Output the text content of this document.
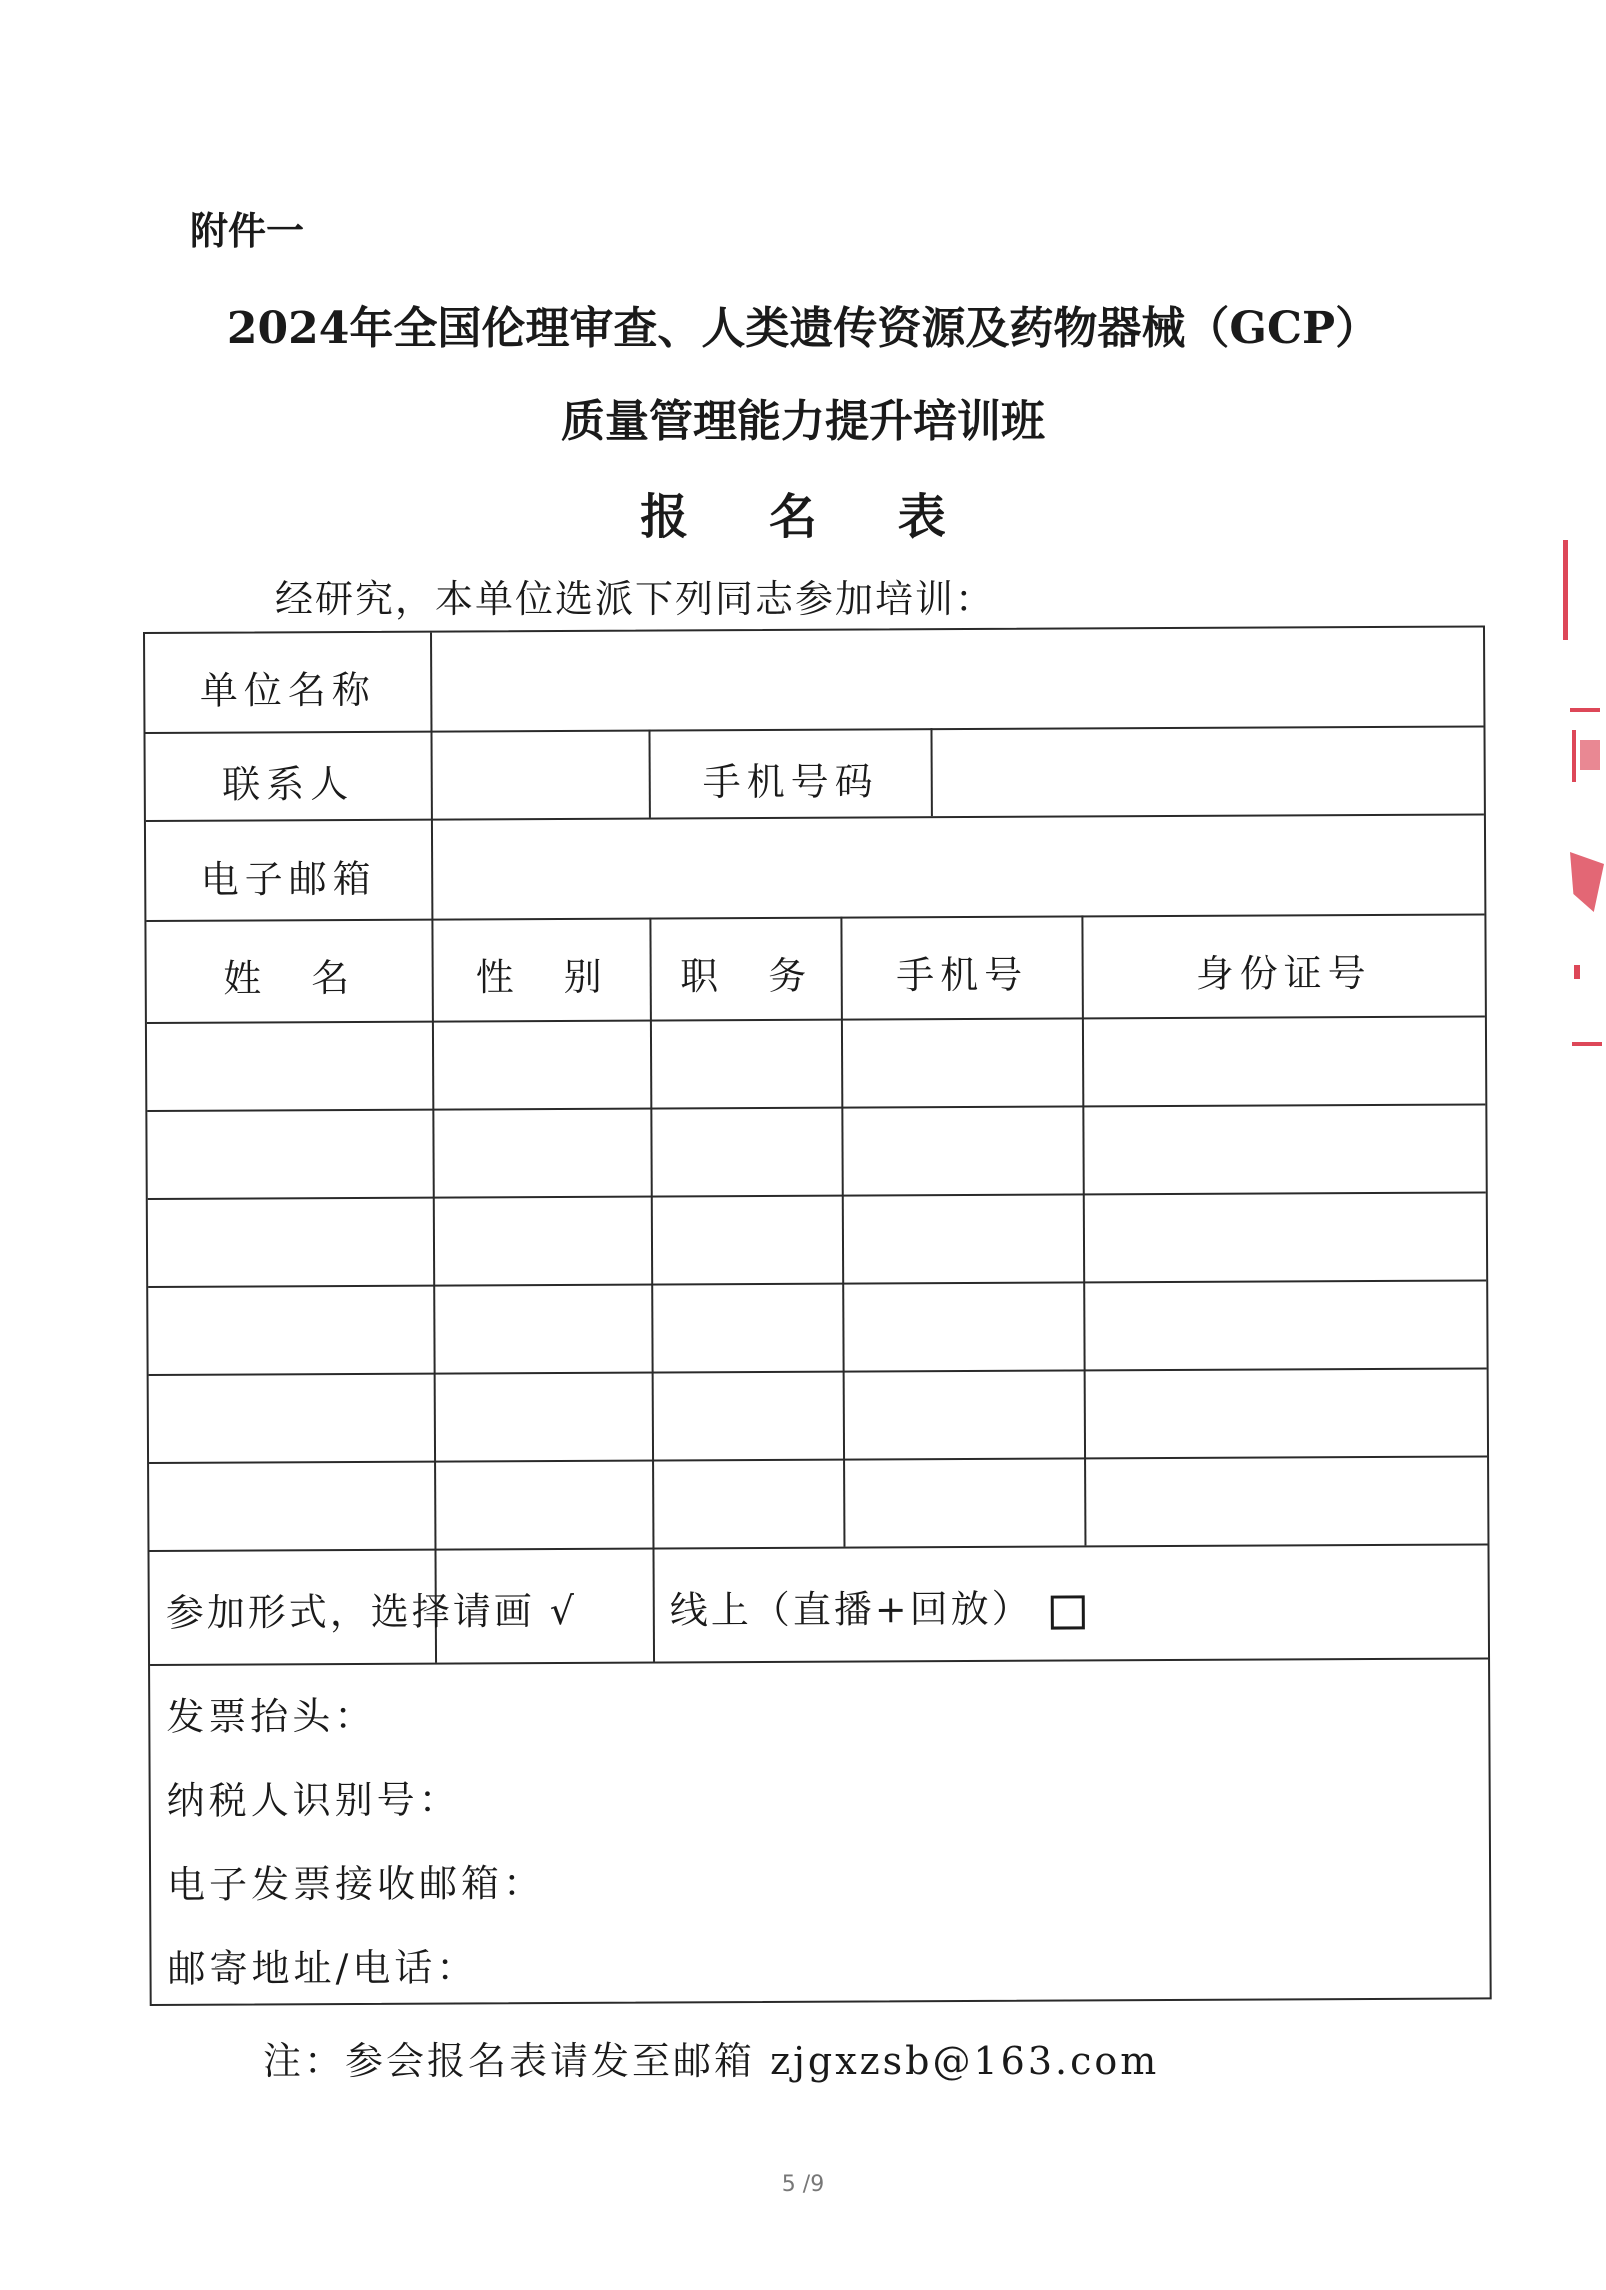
附件一
2024年全国伦理审查、人类遗传资源及药物器械（GCP）
质量管理能力提升培训班
报 名 表
经研究，本单位选派下列同志参加培训：
单位名称
联系人	手机号码
电子邮箱
姓　名	性　别	职　务	手机号	身份证号
参加形式，选择请画 √	线上（直播+回放）
发票抬头：
纳税人识别号：
电子发票接收邮箱：
邮寄地址/电话：
注：参会报名表请发至邮箱 zjgxzsb@163.com
5 /9
